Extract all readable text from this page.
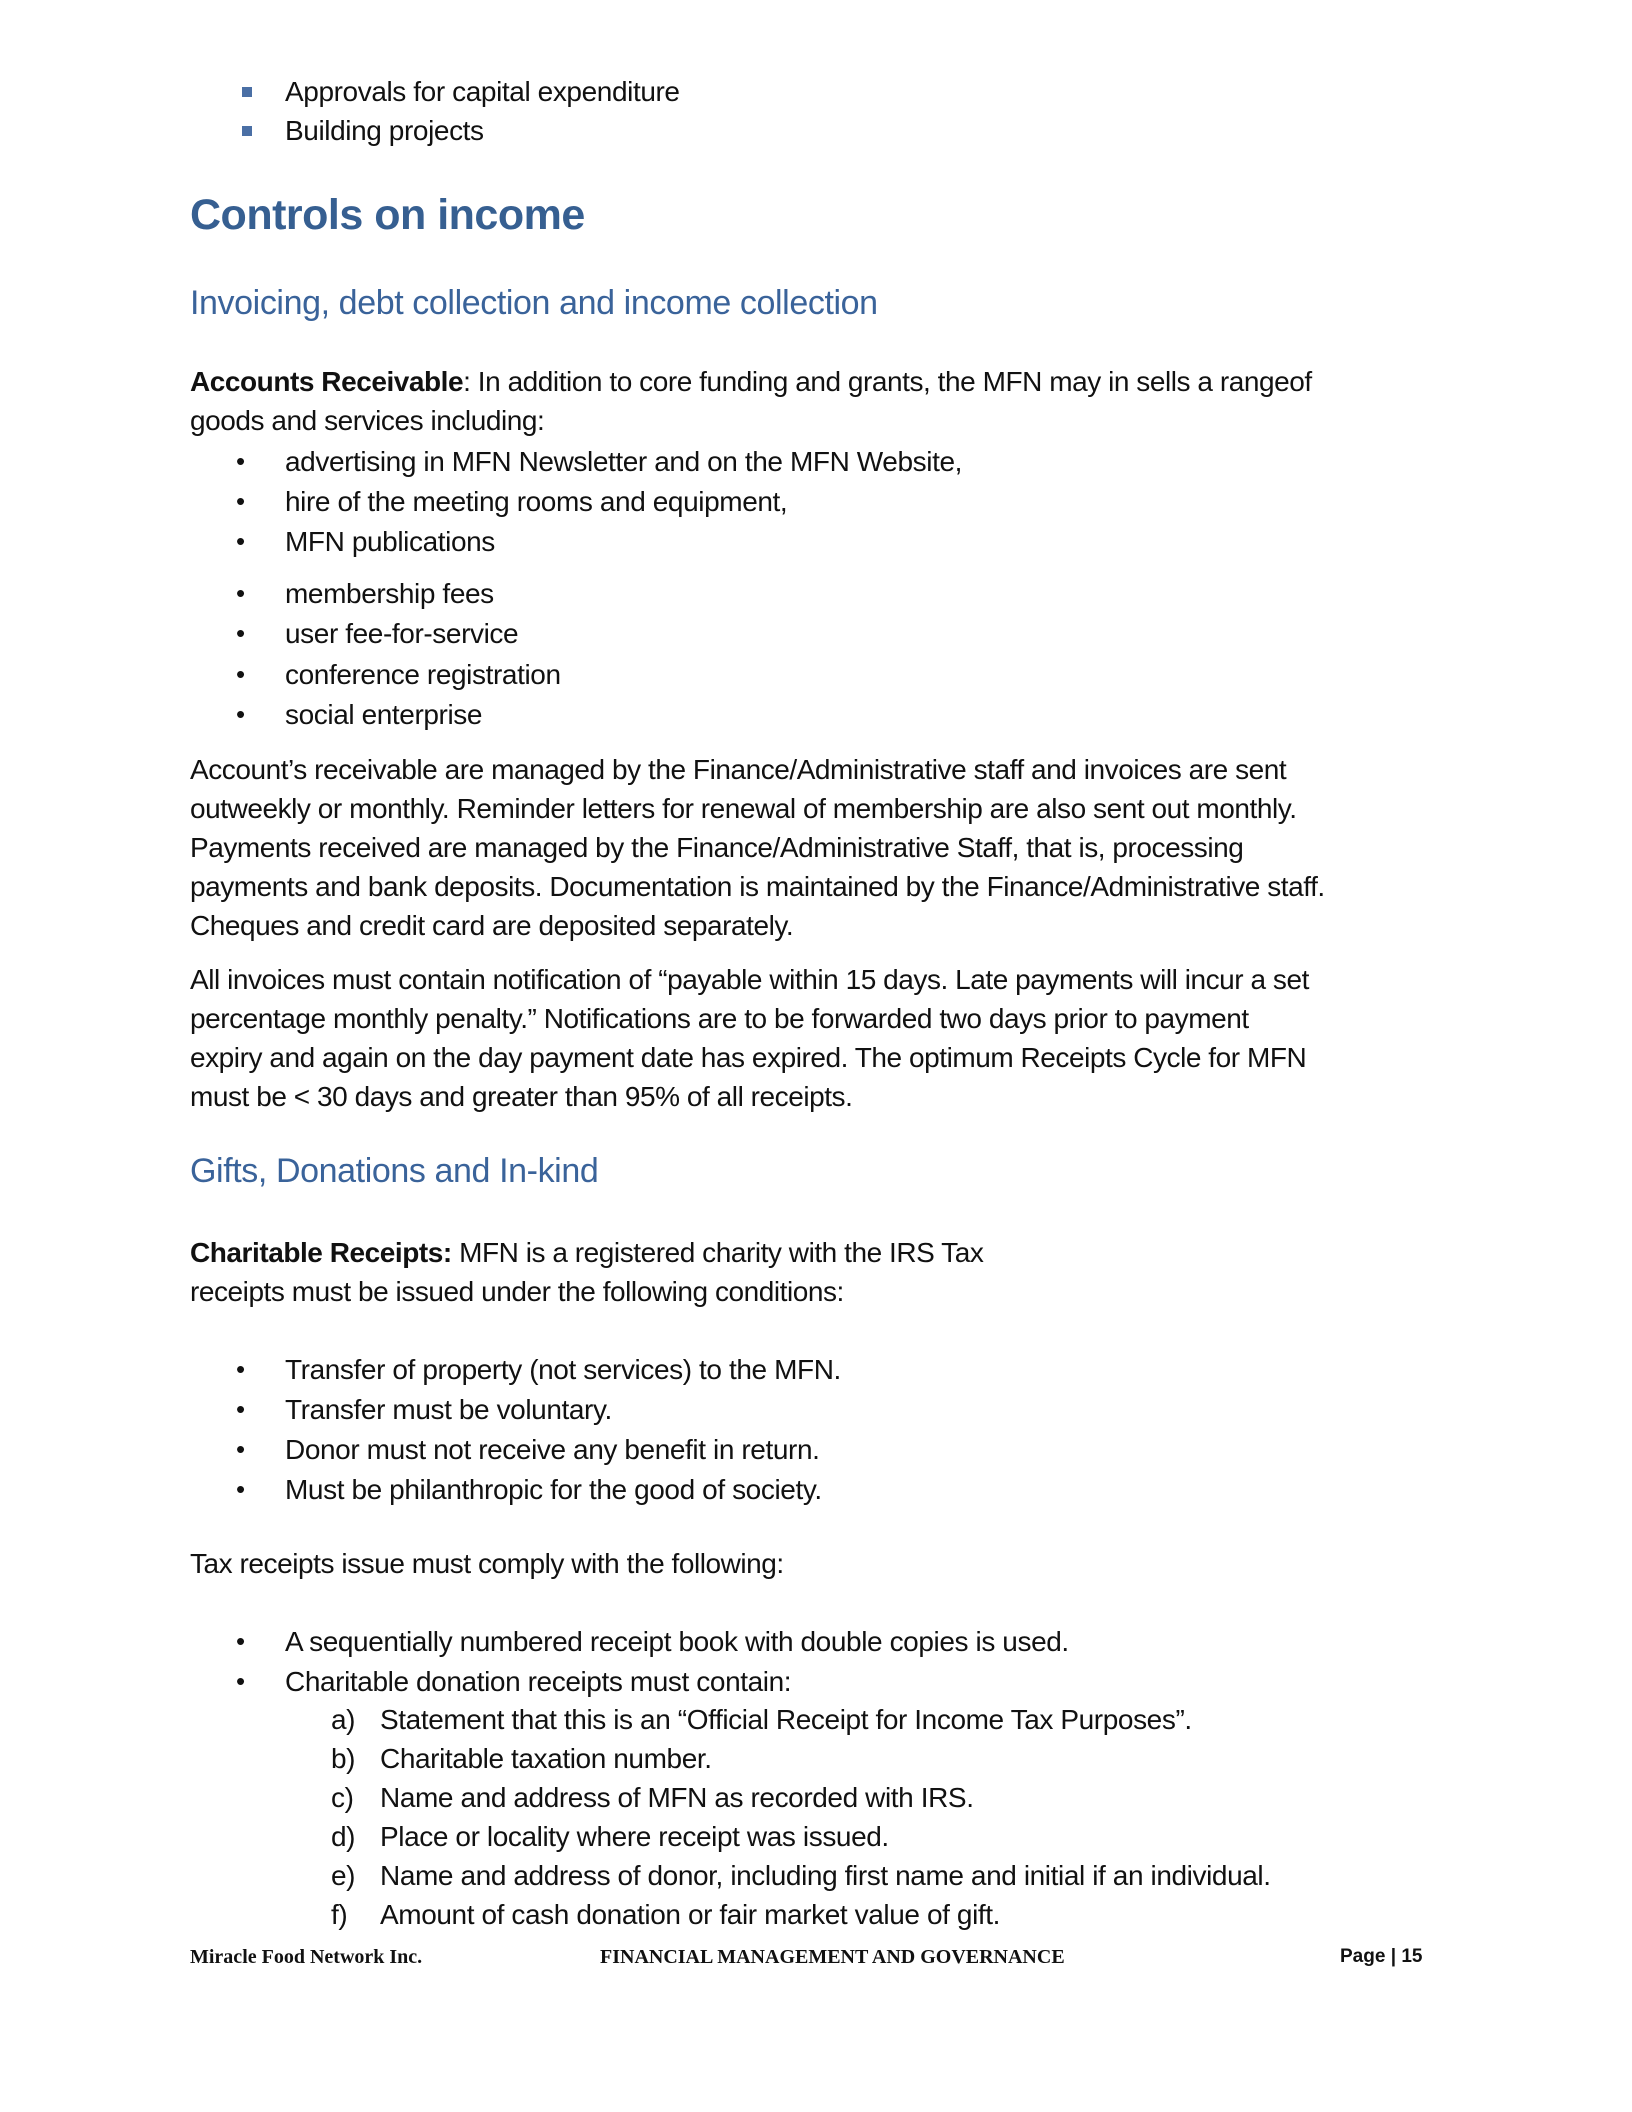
Approvals for capital expenditure
Building projects
Controls on income
Invoicing, debt collection and income collection
Accounts Receivable: In addition to core funding and grants, the MFN may in sells a rangeof
goods and services including:
• advertising in MFN Newsletter and on the MFN Website,
• hire of the meeting rooms and equipment,
• MFN publications
• membership fees
• user fee-for-service
• conference registration
• social enterprise
Account’s receivable are managed by the Finance/Administrative staff and invoices are sent
outweekly or monthly. Reminder letters for renewal of membership are also sent out monthly.
Payments received are managed by the Finance/Administrative Staff, that is, processing
payments and bank deposits. Documentation is maintained by the Finance/Administrative staff.
Cheques and credit card are deposited separately.
All invoices must contain notification of “payable within 15 days. Late payments will incur a set
percentage monthly penalty.” Notifications are to be forwarded two days prior to payment
expiry and again on the day payment date has expired. The optimum Receipts Cycle for MFN
must be < 30 days and greater than 95% of all receipts.
Gifts, Donations and In-kind
Charitable Receipts: MFN is a registered charity with the IRS Tax
receipts must be issued under the following conditions:
• Transfer of property (not services) to the MFN.
• Transfer must be voluntary.
• Donor must not receive any benefit in return.
• Must be philanthropic for the good of society.
Tax receipts issue must comply with the following:
• A sequentially numbered receipt book with double copies is used.
• Charitable donation receipts must contain:
a) Statement that this is an “Official Receipt for Income Tax Purposes”.
b) Charitable taxation number.
c) Name and address of MFN as recorded with IRS.
d) Place or locality where receipt was issued.
e) Name and address of donor, including first name and initial if an individual.
f) Amount of cash donation or fair market value of gift.
Miracle Food Network Inc.	FINANCIAL MANAGEMENT AND GOVERNANCE	Page | 15
